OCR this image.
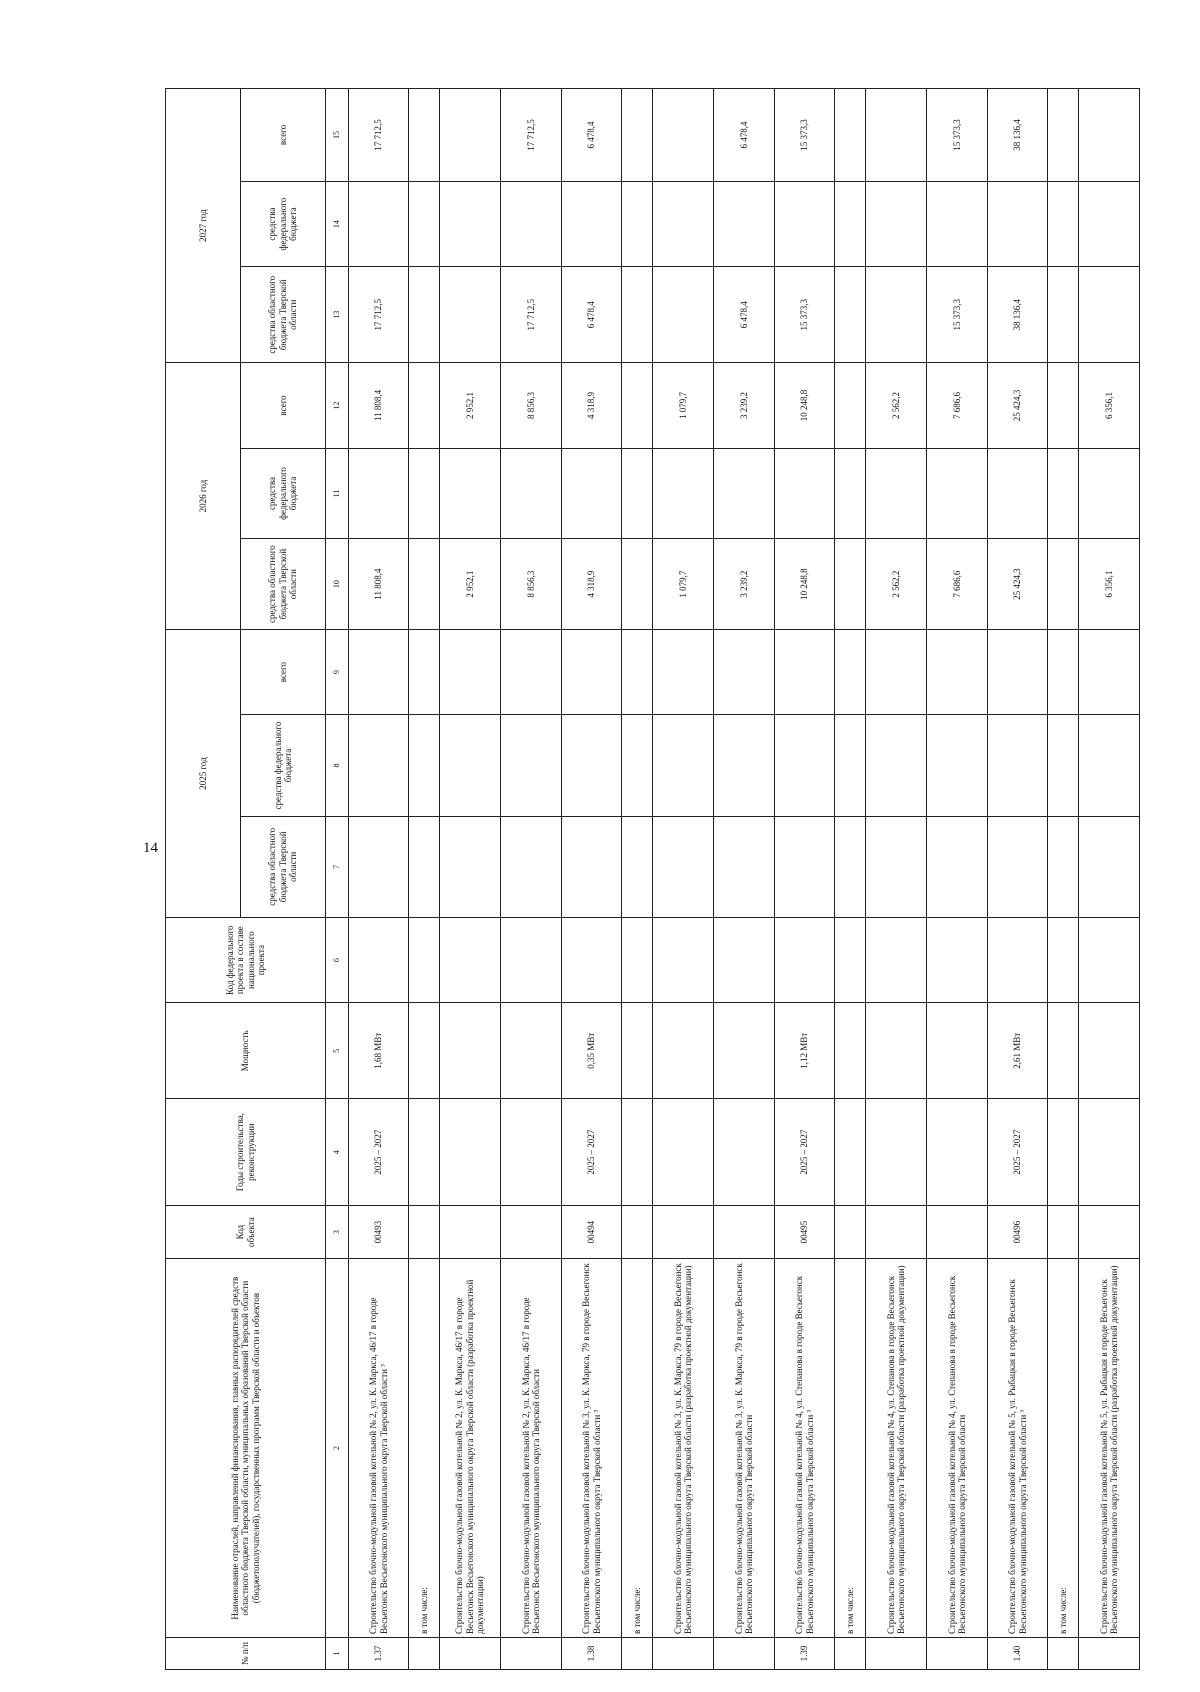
14
№ п/п	Наименование отраслей, направлений финансирования, главных распорядителей средств областного бюджета Тверской области, муниципальных образований Тверской области (бюджетополучателей), государственных программ Тверской области и объектов	Код объекта	Годы строительства, реконструкции	Мощность	Код федерального проекта в составе национального проекта	2025 год			2026 год			2027 год		
						средства областного бюджета Тверской области	средства федерального бюджета	всего	средства областного бюджета Тверской области	средства федерального бюджета	всего	средства областного бюджета Тверской области	средства федерального бюджета	всего
1	2	3	4	5	6	7	8	9	10	11	12	13	14	15
1.37	Строительство блочно-модульной газовой котельной № 2, ул. К. Маркса, 46/17 в городе Весьегонск Весьегонского муниципального округа Тверской области ³	00493	2025 – 2027	1,68 МВт					11 808,4		11 808,4	17 712,5		17 712,5
	в том числе:													
	Строительство блочно-модульной газовой котельной № 2, ул. К. Маркса, 46/17 в городе Весьегонск Весьегонского муниципального округа Тверской области (разработка проектной документации)								2 952,1		2 952,1			
	Строительство блочно-модульной газовой котельной № 2, ул. К. Маркса, 46/17 в городе Весьегонск Весьегонского муниципального округа Тверской области								8 856,3		8 856,3	17 712,5		17 712,5
1.38	Строительство блочно-модульной газовой котельной № 3, ул. К. Маркса, 79 в городе Весьегонск Весьегонского муниципального округа Тверской области ³	00494	2025 – 2027	0,35 МВт					4 318,9		4 318,9	6 478,4		6 478,4
	в том числе:													
	Строительство блочно-модульной газовой котельной № 3, ул. К. Маркса, 79 в городе Весьегонск Весьегонского муниципального округа Тверской области (разработка проектной документации)								1 079,7		1 079,7			
	Строительство блочно-модульной газовой котельной № 3, ул. К. Маркса, 79 в городе Весьегонск Весьегонского муниципального округа Тверской области								3 239,2		3 239,2	6 478,4		6 478,4
1.39	Строительство блочно-модульной газовой котельной № 4, ул. Степанова в городе Весьегонск Весьегонского муниципального округа Тверской области ³	00495	2025 – 2027	1,12 МВт					10 248,8		10 248,8	15 373,3		15 373,3
	в том числе:													
	Строительство блочно-модульной газовой котельной № 4, ул. Степанова в городе Весьегонск Весьегонского муниципального округа Тверской области (разработка проектной документации)								2 562,2		2 562,2			
	Строительство блочно-модульной газовой котельной № 4, ул. Степанова в городе Весьегонск Весьегонского муниципального округа Тверской области								7 686,6		7 686,6	15 373,3		15 373,3
1.40	Строительство блочно-модульной газовой котельной № 5, ул. Рыбацкая в городе Весьегонск Весьегонского муниципального округа Тверской области ³	00496	2025 – 2027	2,61 МВт					25 424,3		25 424,3	38 136,4		38 136,4
	в том числе:													
	Строительство блочно-модульной газовой котельной № 5, ул. Рыбацкая в городе Весьегонск Весьегонского муниципального округа Тверской области (разработка проектной документации)								6 356,1		6 356,1			
